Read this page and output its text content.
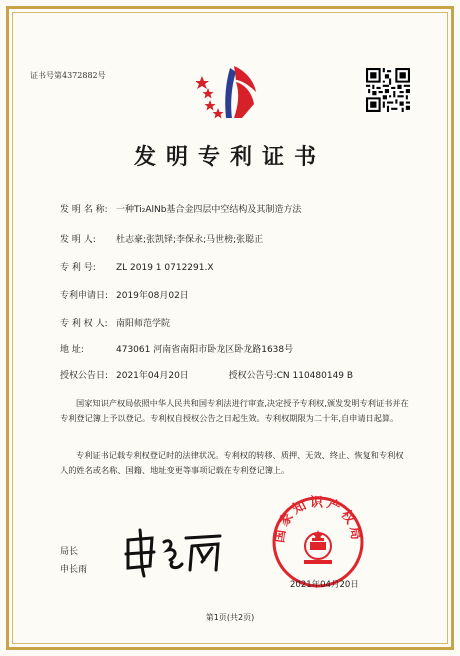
证书号第4372882号
发明专利证书
发 明 名 称: 一种Ti₂AlNb基合金四层中空结构及其制造方法
发 明 人: 杜志豪;张凯铎;李保永;马世榜;张聪正
专 利 号: ZL 2019 1 0712291.X
专利申请日: 2019年08月02日
专 利 权 人: 南阳师范学院
地 址:	473061 河南省南阳市卧龙区卧龙路1638号
授权公告日: 2021年04月20日	授权公告号:CN 110480149 B
国家知识产权局依照中华人民共和国专利法进行审查,决定授予专利权,颁发发明专利证书并在专利登记簿上予以登记。专利权自授权公告之日起生效。专利权期限为二十年,自申请日起算。
专利证书记载专利权登记时的法律状况。专利权的转移、质押、无效、终止、恢复和专利权人的姓名或名称、国籍、地址变更等事项记载在专利登记簿上。
局长
申长雨
国家知识产权局
2021年04月20日
第1页(共2页)
